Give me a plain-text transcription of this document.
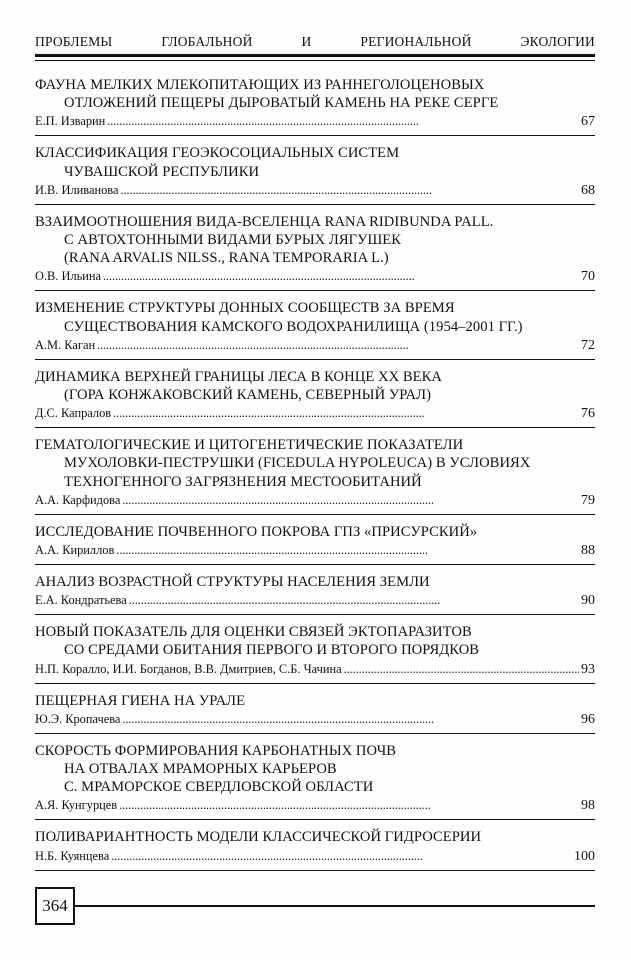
ПРОБЛЕМЫ	ГЛОБАЛЬНОЙ	И	РЕГИОНАЛЬНОЙ	ЭКОЛОГИИ
ФАУНА МЕЛКИХ МЛЕКОПИТАЮЩИХ ИЗ РАННЕГОЛОЦЕНОВЫХ
ОТЛОЖЕНИЙ ПЕЩЕРЫ ДЫРОВАТЫЙ КАМЕНЬ НА РЕКЕ СЕРГЕ
Е.П. Изварин . . .	67
КЛАССИФИКАЦИЯ ГЕОЭКОСОЦИАЛЬНЫХ СИСТЕМ
ЧУВАШСКОЙ РЕСПУБЛИКИ
И.В. Иливанова . . .	68
ВЗАИМООТНОШЕНИЯ ВИДА-ВСЕЛЕНЦА RANA RIDIBUNDA PALL.
С АВТОХТОННЫМИ ВИДАМИ БУРЫХ ЛЯГУШЕК
(RANA ARVALIS NILSS., RANA TEMPORARIA L.)
О.В. Ильина . . .	70
ИЗМЕНЕНИЕ СТРУКТУРЫ ДОННЫХ СООБЩЕСТВ ЗА ВРЕМЯ
СУЩЕСТВОВАНИЯ КАМСКОГО ВОДОХРАНИЛИЩА (1954–2001 ГГ.)
А.М. Каган . . .	72
ДИНАМИКА ВЕРХНЕЙ ГРАНИЦЫ ЛЕСА В КОНЦЕ ХХ ВЕКА
(ГОРА КОНЖАКОВСКИЙ КАМЕНЬ, СЕВЕРНЫЙ УРАЛ)
Д.С. Капралов . . .	76
ГЕМАТОЛОГИЧЕСКИЕ И ЦИТОГЕНЕТИЧЕСКИЕ ПОКАЗАТЕЛИ
МУХОЛОВКИ-ПЕСТРУШКИ (FICEDULA HYPOLEUCA) В УСЛОВИЯХ
ТЕХНОГЕННОГО ЗАГРЯЗНЕНИЯ МЕСТООБИТАНИЙ
А.А. Карфидова . . .	79
ИССЛЕДОВАНИЕ ПОЧВЕННОГО ПОКРОВА ГПЗ «ПРИСУРСКИЙ»
А.А. Кириллов . . .	88
АНАЛИЗ ВОЗРАСТНОЙ СТРУКТУРЫ НАСЕЛЕНИЯ ЗЕМЛИ
Е.А. Кондратьева . . .	90
НОВЫЙ ПОКАЗАТЕЛЬ ДЛЯ ОЦЕНКИ СВЯЗЕЙ ЭКТОПАРАЗИТОВ
СО СРЕДАМИ ОБИТАНИЯ ПЕРВОГО И ВТОРОГО ПОРЯДКОВ
Н.П. Коралло, И.И. Богданов, В.В. Дмитриев, С.Б. Чачина . . .	93
ПЕЩЕРНАЯ ГИЕНА НА УРАЛЕ
Ю.Э. Кропачева . . .	96
СКОРОСТЬ ФОРМИРОВАНИЯ КАРБОНАТНЫХ ПОЧВ
НА ОТВАЛАХ МРАМОРНЫХ КАРЬЕРОВ
С. МРАМОРСКОЕ СВЕРДЛОВСКОЙ ОБЛАСТИ
А.Я. Кунгурцев . . .	98
ПОЛИВАРИАНТНОСТЬ МОДЕЛИ КЛАССИЧЕСКОЙ ГИДРОСЕРИИ
Н.Б. Куянцева . . .	100
364
